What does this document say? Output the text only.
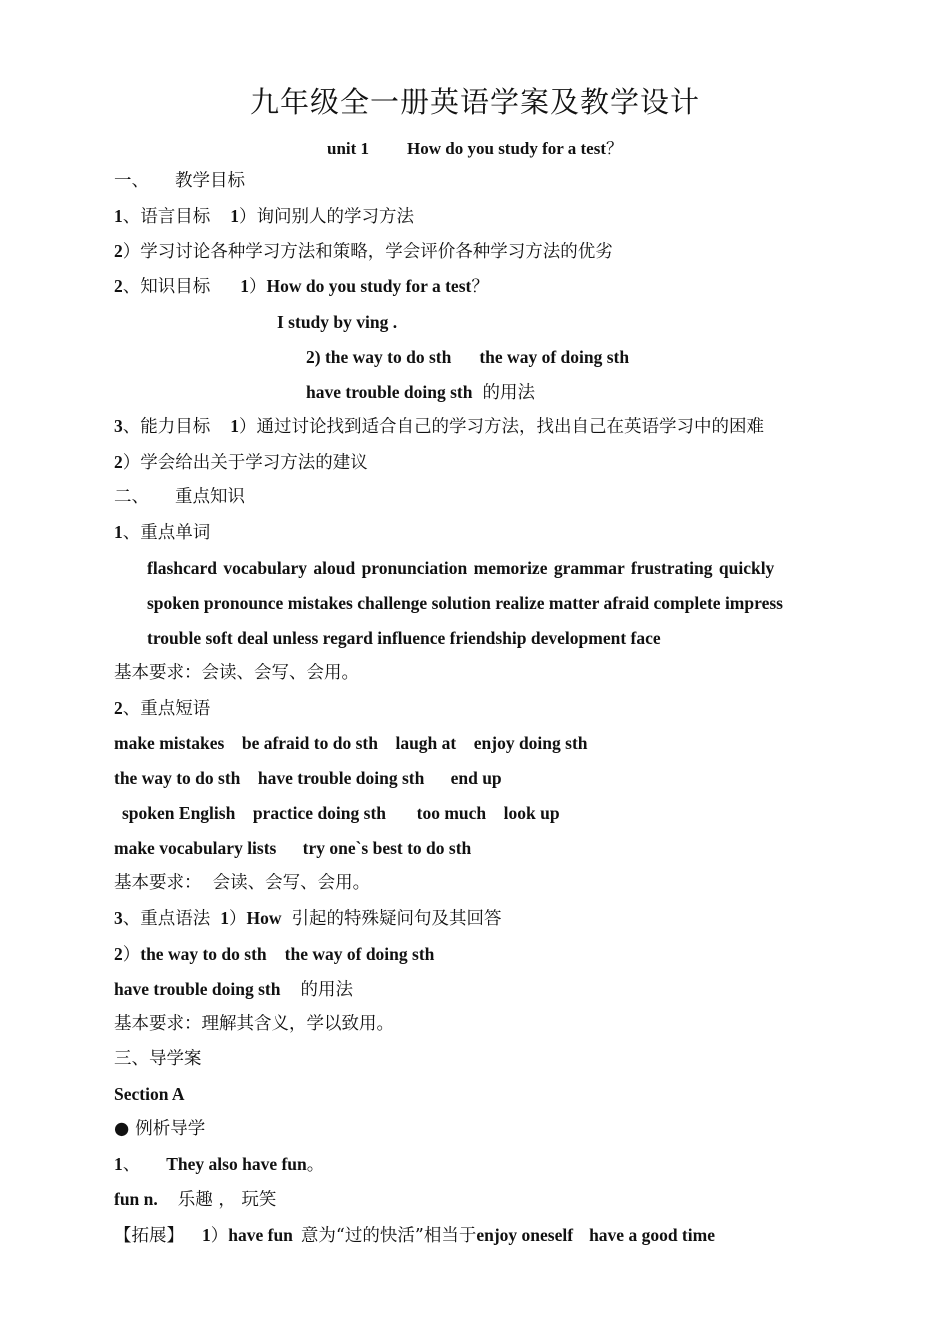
九年级全一册英语学案及教学设计
unit 1 How do you study for a test？
一、 教学目标
1、语言目标 1）询问别人的学习方法
2）学习讨论各种学习方法和策略，学会评价各种学习方法的优劣
2、知识目标 1）How do you study for a test？
I study by ving .
2) the way to do sth the way of doing sth
have trouble doing sth 的用法
3、能力目标 1）通过讨论找到适合自己的学习方法，找出自己在英语学习中的困难
2）学会给出关于学习方法的建议
二、 重点知识
1、重点单词
flashcard vocabulary aloud pronunciation memorize grammar frustrating quickly
spoken pronounce mistakes challenge solution realize matter afraid complete impress
trouble soft deal unless regard influence friendship development face
基本要求：会读、会写、会用。
2、重点短语
make mistakes    be afraid to do sth    laugh at    enjoy doing sth
the way to do sth    have trouble doing sth      end up
spoken English    practice doing sth       too much    look up
make vocabulary lists      try one`s best to do sth
基本要求：  会读、会写、会用。
3、重点语法 1）How 引起的特殊疑问句及其回答
2）the way to do sth the way of doing sth
have trouble doing sth 的用法
基本要求：理解其含义，学以致用。
三、导学案
Section A
● 例析导学
1、 They also have fun。
fun n. 乐趣 ， 玩笑
【拓展】 1）have fun 意为“过的快活”相当于enjoy oneself have a good time
